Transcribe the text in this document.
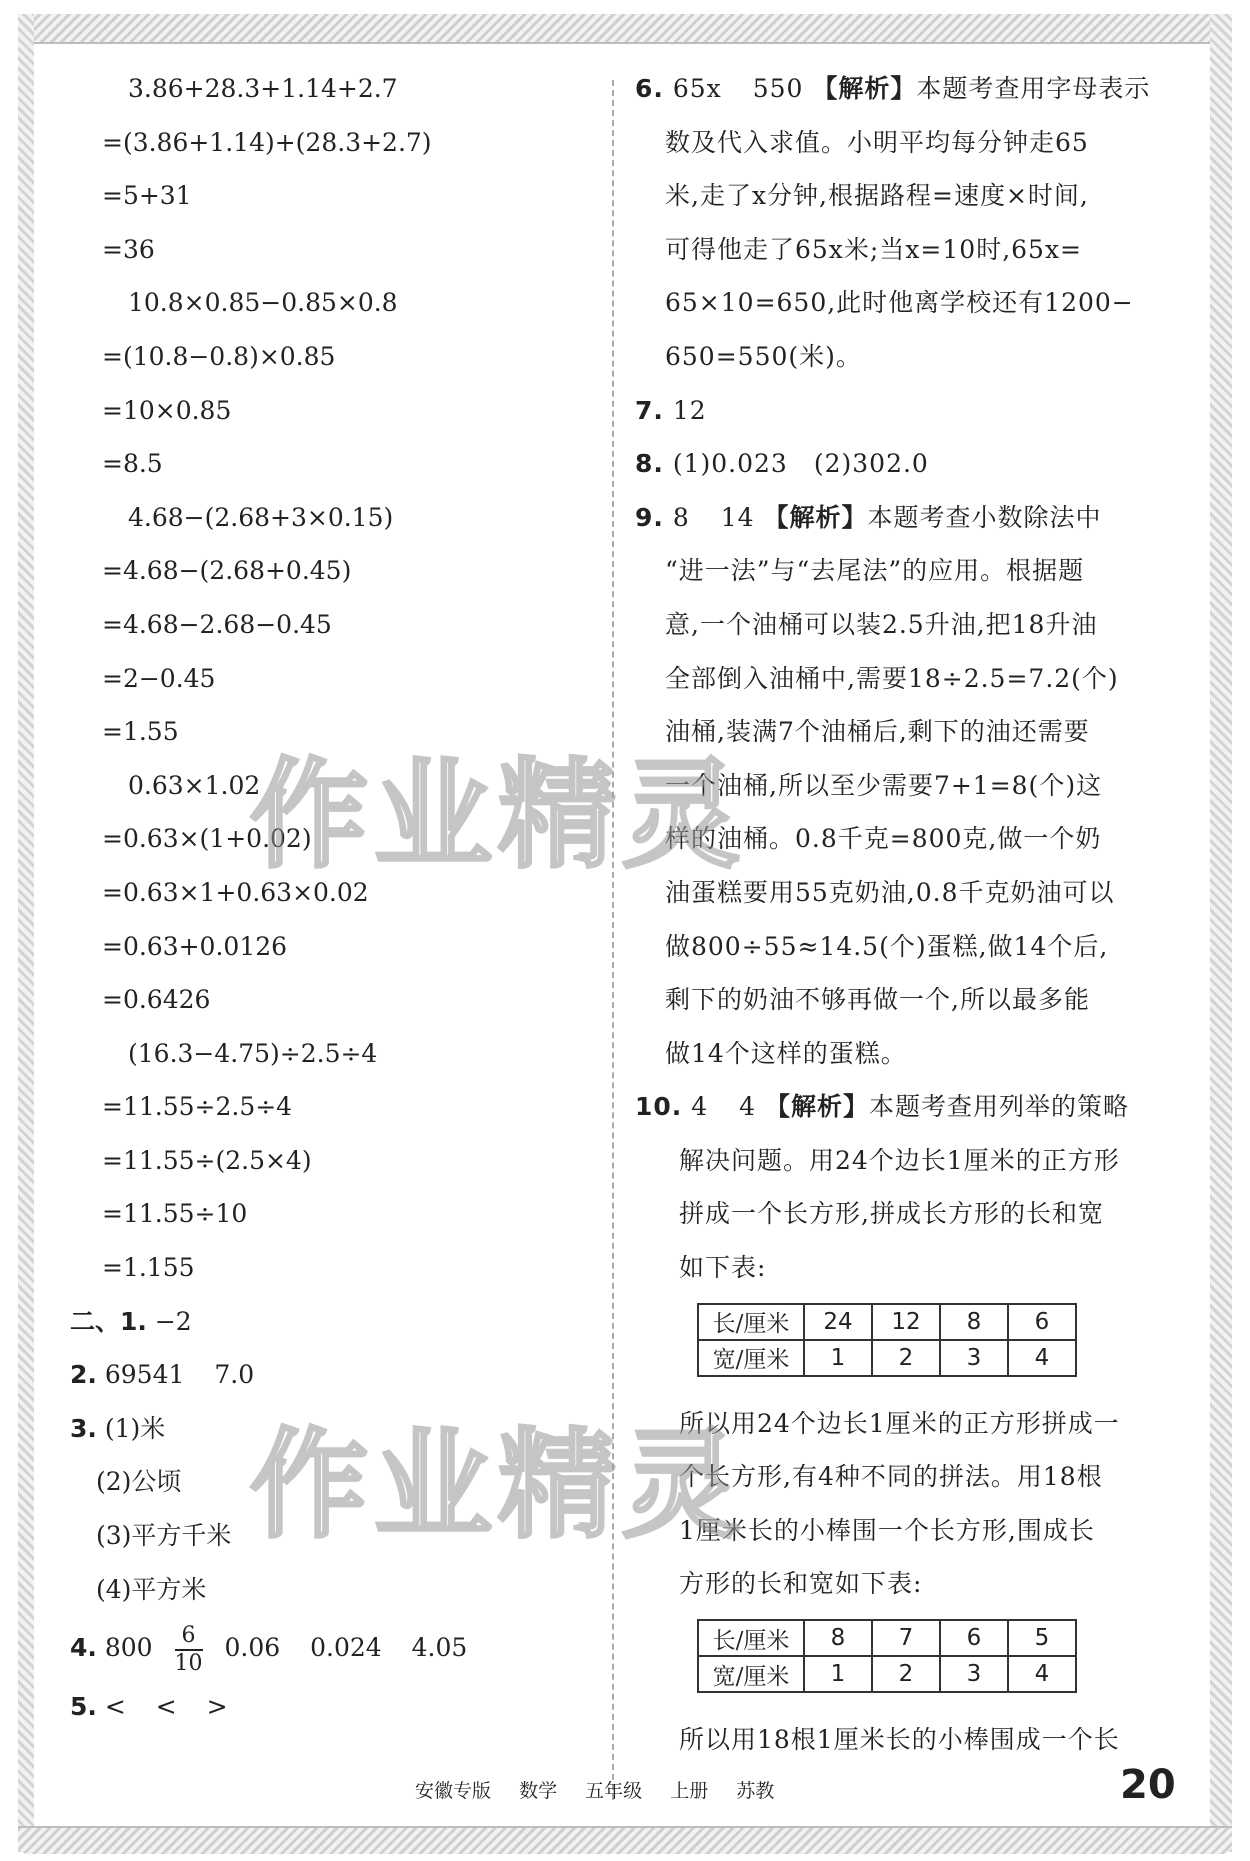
3.86+28.3+1.14+2.7
=(3.86+1.14)+(28.3+2.7)
=5+31
=36
10.8×0.85−0.85×0.8
=(10.8−0.8)×0.85
=10×0.85
=8.5
4.68−(2.68+3×0.15)
=4.68−(2.68+0.45)
=4.68−2.68−0.45
=2−0.45
=1.55
0.63×1.02
=0.63×(1+0.02)
=0.63×1+0.63×0.02
=0.63+0.0126
=0.6426
(16.3−4.75)÷2.5÷4
=11.55÷2.5÷4
=11.55÷(2.5×4)
=11.55÷10
=1.155
二、1. −2
2. 69541 7.0
3. (1)米
(2)公顷
(3)平方千米
(4)平方米
4. $800 \frac{6}{10} 0.06$ 0.024 4.05
5. < < >
6. 65x 550 【解析】本题考查用字母表示
数及代入求值。小明平均每分钟走65
米,走了x分钟,根据路程=速度×时间,
可得他走了65x米;当x=10时,65x=
65×10=650,此时他离学校还有1200−
650=550(米)。
7. 12
8. (1)0.023　(2)302.0
9. 8 14 【解析】本题考查小数除法中
“进一法”与“去尾法”的应用。根据题
意,一个油桶可以装2.5升油,把18升油
全部倒入油桶中,需要18÷2.5=7.2(个)
油桶,装满7个油桶后,剩下的油还需要
一个油桶,所以至少需要7+1=8(个)这
样的油桶。0.8千克=800克,做一个奶
油蛋糕要用55克奶油,0.8千克奶油可以
做800÷55≈14.5(个)蛋糕,做14个后,
剩下的奶油不够再做一个,所以最多能
做14个这样的蛋糕。
10. 4 4 【解析】本题考查用列举的策略
解决问题。用24个边长1厘米的正方形
拼成一个长方形,拼成长方形的长和宽
如下表:
长/厘米	24	12	8	6
宽/厘米	1	2	3	4
所以用24个边长1厘米的正方形拼成一
个长方形,有4种不同的拼法。用18根
1厘米长的小棒围一个长方形,围成长
方形的长和宽如下表:
长/厘米	8	7	6	5
宽/厘米	1	2	3	4
所以用18根1厘米长的小棒围成一个长
安徽专版 数学 五年级 上册 苏教	20
作业精灵
作业精灵
